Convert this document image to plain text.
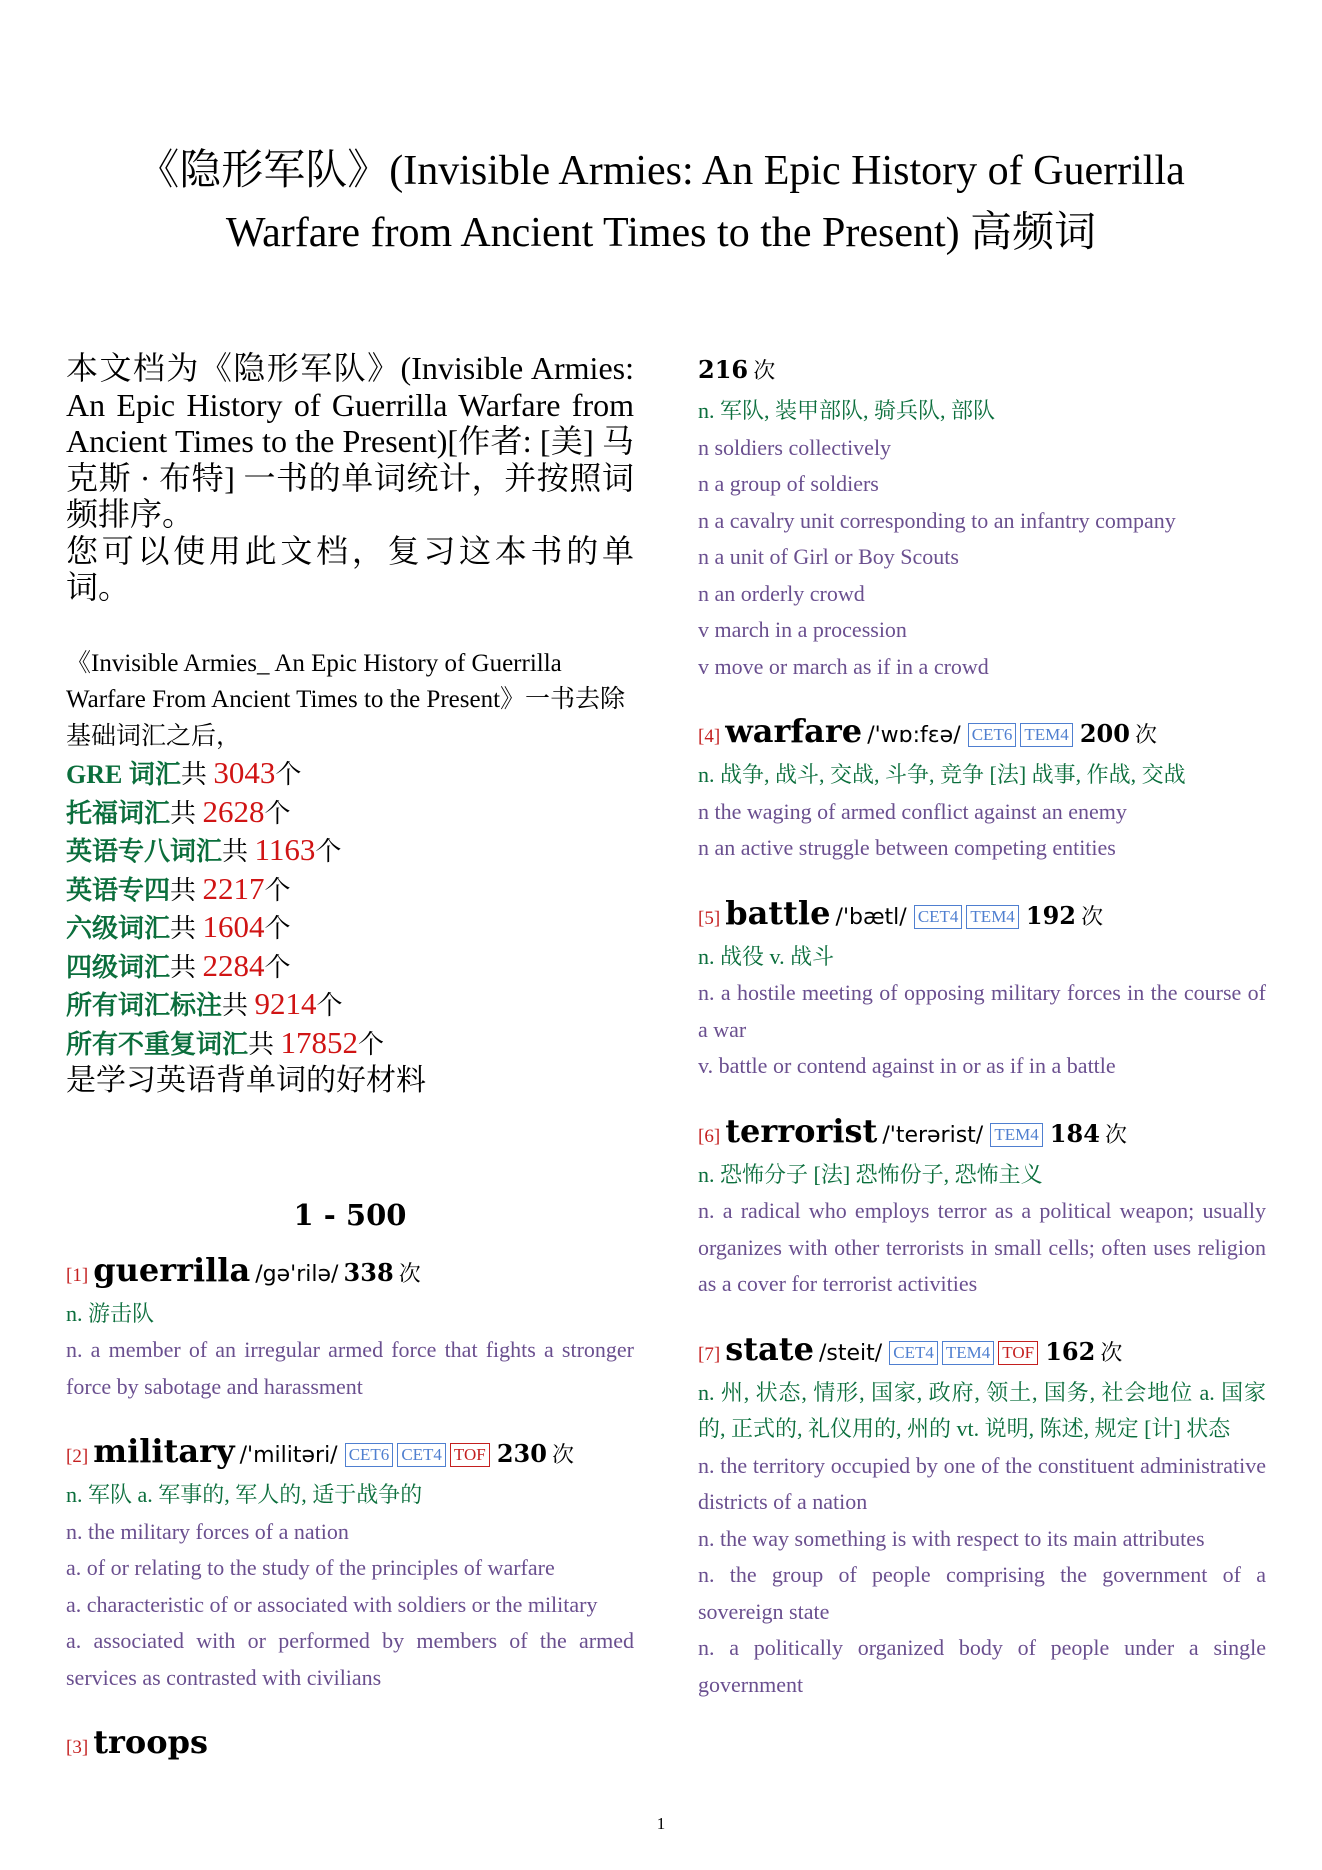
《隐形军队》(Invisible Armies: An Epic History of Guerrilla Warfare from Ancient Times to the Present) 高频词

本文档为《隐形军队》(Invisible Armies: An Epic History of Guerrilla Warfare from Ancient Times to the Present)[作者: [美] 马克斯 · 布特] 一书的单词统计，并按照词频排序。

您可以使用此文档，复习这本书的单词。

《Invisible Armies_ An Epic History of Guerrilla Warfare From Ancient Times to the Present》一书去除基础词汇之后，
GRE 词汇共 3043个
托福词汇共 2628个
英语专八词汇共 1163个
英语专四共 2217个
六级词汇共 1604个
四级词汇共 2284个
所有词汇标注共 9214个
所有不重复词汇共 17852个

是学习英语背单词的好材料

1 - 500
[1] guerrilla /gə'rilə/ 338 次
n. 游击队
n. a member of an irregular armed force that fights a stronger force by sabotage and harassment
[2] military /'militəri/ CET6 CET4 TOF 230 次
n. 军队 a. 军事的, 军人的, 适于战争的
n. the military forces of a nation
a. of or relating to the study of the principles of warfare
a. characteristic of or associated with soldiers or the military
a. associated with or performed by members of the armed services as contrasted with civilians
[3] troops
216 次
n. 军队, 装甲部队, 骑兵队, 部队
n soldiers collectively
n a group of soldiers
n a cavalry unit corresponding to an infantry company
n a unit of Girl or Boy Scouts
n an orderly crowd
v march in a procession
v move or march as if in a crowd
[4] warfare /'wɒ:fɛə/ CET6 TEM4 200 次
n. 战争, 战斗, 交战, 斗争, 竞争 [法] 战事, 作战, 交战
n the waging of armed conflict against an enemy
n an active struggle between competing entities
[5] battle /'bætl/ CET4 TEM4 192 次
n. 战役 v. 战斗
n. a hostile meeting of opposing military forces in the course of a war
v. battle or contend against in or as if in a battle
[6] terrorist /'terərist/ TEM4 184 次
n. 恐怖分子 [法] 恐怖份子, 恐怖主义
n. a radical who employs terror as a political weapon; usually organizes with other terrorists in small cells; often uses religion as a cover for terrorist activities
[7] state /steit/ CET4 TEM4 TOF 162 次
n. 州, 状态, 情形, 国家, 政府, 领土, 国务, 社会地位 a. 国家的, 正式的, 礼仪用的, 州的 vt. 说明, 陈述, 规定 [计] 状态
n. the territory occupied by one of the constituent administrative districts of a nation
n. the way something is with respect to its main attributes
n. the group of people comprising the government of a sovereign state
n. a politically organized body of people under a single government
1
